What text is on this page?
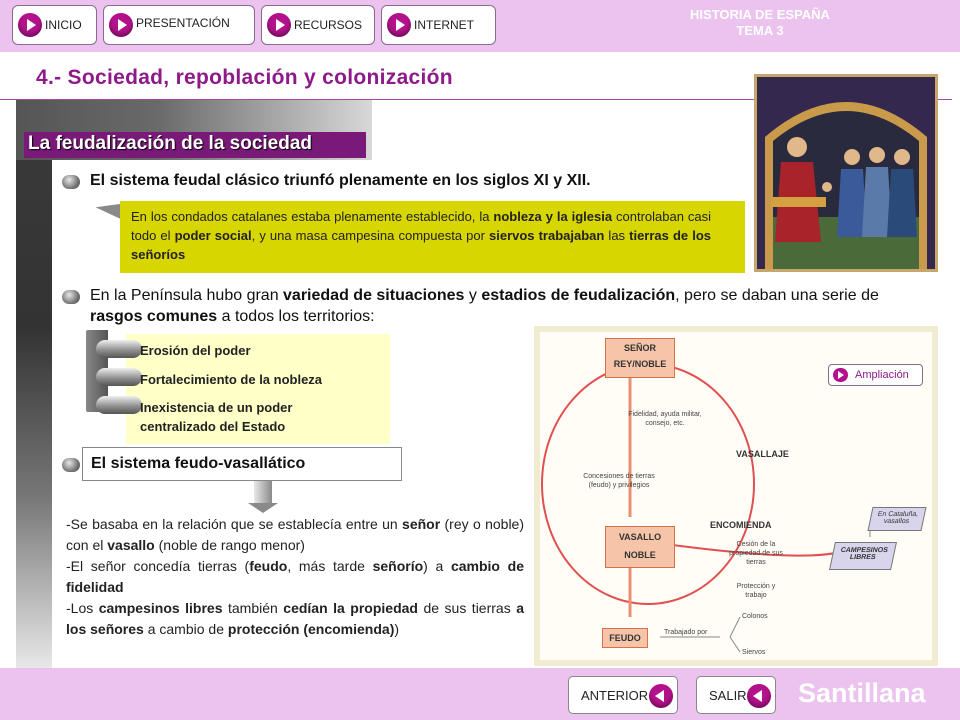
INICIO	PRESENTACIÓN	RECURSOS	INTERNET
HISTORIA DE ESPAÑA
TEMA 3
4.- Sociedad, repoblación y colonización
La feudalización de la sociedad
El sistema feudal clásico triunfó plenamente en los siglos XI y XII.
En los condados catalanes estaba plenamente establecido, la nobleza y la iglesia controlaban casi todo el poder social, y una masa campesina compuesta por siervos trabajaban las tierras de los señoríos
En la Península hubo gran variedad de situaciones y estadios de feudalización, pero se daban una serie de rasgos comunes a todos los territorios:
Erosión del poder
Fortalecimiento de la nobleza
Inexistencia de un poder centralizado del Estado
El sistema feudo-vasallático
-Se basaba en la relación que se establecía entre un señor (rey o noble) con el vasallo (noble de rango menor)
-El señor concedía tierras (feudo, más tarde señorío) a cambio de fidelidad
-Los campesinos libres también cedían la propiedad de sus tierras a los señores a cambio de protección (encomienda))
SEÑOR
REY/NOBLE
Fidelidad, ayuda militar, consejo, etc.
VASALLAJE
Concesiones de tierras (feudo) y privilegios
VASALLO
NOBLE
ENCOMIENDA
Cesión de la propiedad de sus tierras
Protección y trabajo
En Cataluña, vasallos
CAMPESINOS LIBRES
FEUDO
Trabajado por
Colonos
Siervos
Ampliación
ANTERIOR	SALIR	Santillana
